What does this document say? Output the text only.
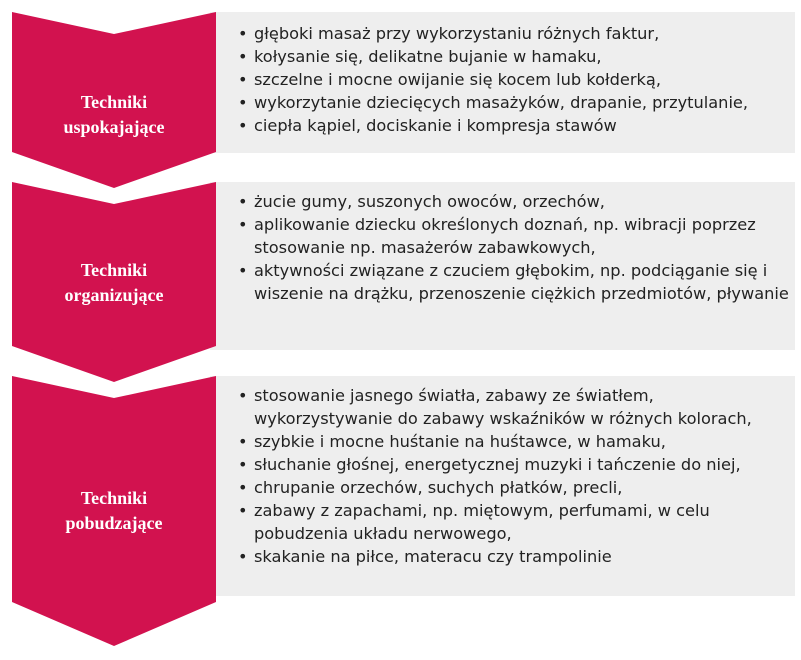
Techniki
uspokajające
• głęboki masaż przy wykorzystaniu różnych faktur,
• kołysanie się, delikatne bujanie w hamaku,
• szczelne i mocne owijanie się kocem lub kołderką,
• wykorzytanie dziecięcych masażyków, drapanie, przytulanie,
• ciepła kąpiel, dociskanie i kompresja stawów
Techniki
organizujące
• żucie gumy, suszonych owoców, orzechów,
• aplikowanie dziecku określonych doznań, np. wibracji poprzez stosowanie np. masażerów zabawkowych,
• aktywności związane z czuciem głębokim, np. podciąganie się i wiszenie na drążku, przenoszenie ciężkich przedmiotów, pływanie
Techniki
pobudzające
• stosowanie jasnego światła, zabawy ze światłem, wykorzystywanie do zabawy wskaźników w różnych kolorach,
• szybkie i mocne huśtanie na huśtawce, w hamaku,
• słuchanie głośnej, energetycznej muzyki i tańczenie do niej,
• chrupanie orzechów, suchych płatków, precli,
• zabawy z zapachami, np. miętowym, perfumami, w celu pobudzenia układu nerwowego,
• skakanie na piłce, materacu czy trampolinie
